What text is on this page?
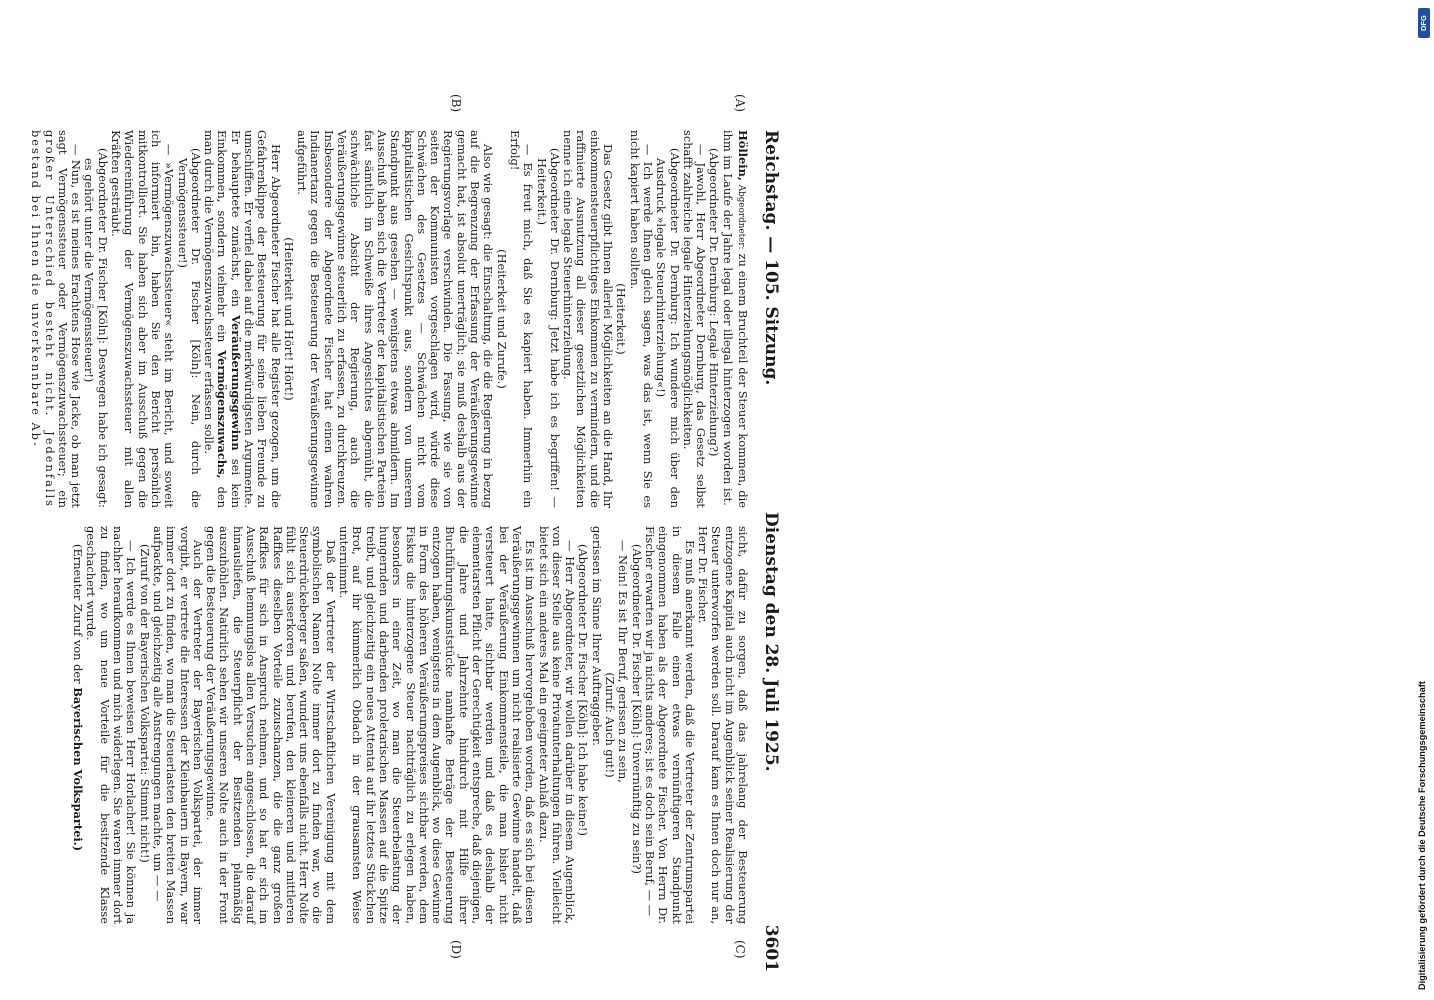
Reichstag. — 105. Sitzung.
Dienstag den 28. Juli 1925.
3601
(A)
(B)
(C)
(D)

Höllein, Abgeordneter: zu einem Bruchteil der Steuer kommen, die ihm im Laufe der Jahre legal oder illegal hinterzogen worden ist.

(Abgeordneter Dr. Dernburg: Legale Hinterziehung?)

— Jawohl, Herr Abgeordneter Dernburg, das Gesetz selbst schafft zahlreiche legale Hinterziehungsmöglichkeiten.

(Abgeordneter Dr. Dernburg: Ich wundere mich über den Ausdruck »legale Steuerhinterziehung«!)

— Ich werde Ihnen gleich sagen, was das ist, wenn Sie es nicht kapiert haben sollten.

(Heiterkeit.)

Das Gesetz gibt Ihnen allerlei Möglichkeiten an die Hand, Ihr einkommensteuerpflichtiges Einkommen zu vermindern, und die raffinierte Ausnutzung all dieser gesetzlichen Möglichkeiten nenne ich eine legale Steuerhinterziehung.

(Abgeordneter Dr. Dernburg: Jetzt habe ich es begriffen! — Heiterkeit.)

— Es freut mich, daß Sie es kapiert haben. Immerhin ein Erfolg!

(Heiterkeit und Zurufe.)

Also wie gesagt: die Einschaltung, die die Regierung in bezug auf die Begrenzung der Erfassung der Veräußerungsgewinne gemacht hat, ist absolut unerträglich; sie muß deshalb aus der Regierungsvorlage verschwinden. Die Fassung, wie sie von seiten der Kommunisten vorgeschlagen wird, würde diese Schwächen des Gesetzes — Schwächen nicht vom kapitalistischen Gesichtspunkt aus, sondern von unserem Standpunkt aus gesehen — wenigstens etwas abmildern. Im Ausschuß haben sich die Vertreter der kapitalistischen Parteien fast sämtlich im Schweiße ihres Angesichtes abgemüht, die schwächliche Absicht der Regierung, auch die Veräußerungsgewinne steuerlich zu erfassen, zu durchkreuzen. Insbesondere der Abgeordnete Fischer hat einen wahren Indianertanz gegen die Besteuerung der Veräußerungsgewinne aufgeführt.

(Heiterkeit und Hört! Hört!)

Herr Abgeordneter Fischer hat alle Register gezogen, um die Gefahrenklippe der Besteuerung für seine lieben Freunde zu umschiffen. Er verfiel dabei auf die merkwürdigsten Argumente. Er behauptete zunächst, ein Veräußerungsgewinn sei kein Einkommen, sondern vielmehr ein Vermögenszuwachs, den man durch die Vermögenszuwachssteuer erfassen solle.

(Abgeordneter Dr. Fischer [Köln]: Nein, durch die Vermögenssteuer!)

— »Vermögenszuwachssteuer« steht im Bericht, und soweit ich informiert bin, haben Sie den Bericht persönlich mitkontrolliert. Sie haben sich aber im Ausschuß gegen die Wiedereinführung der Vermögenszuwachssteuer mit allen Kräften gesträubt.

(Abgeordneter Dr. Fischer [Köln]: Deswegen habe ich gesagt: es gehört unter die Vermögenssteuer!)

— Nun, es ist meines Erachtens Hose wie Jacke, ob man jetzt sagt Vermögenssteuer oder Vermögenszuwachssteuer; ein großer Unterschied besteht nicht. Jedenfalls bestand bei Ihnen die unverkennbare Ab-

sicht, dafür zu sorgen, daß das jahrelang der Besteuerung entzogene Kapital auch nicht im Augenblick seiner Realisierung der Steuer unterworfen werden soll. Darauf kam es Ihnen doch nur an, Herr Dr. Fischer.

Es muß anerkannt werden, daß die Vertreter der Zentrumspartei in diesem Falle einen etwas vernünftigeren Standpunkt eingenommen haben als der Abgeordnete Fischer. Von Herrn Dr. Fischer erwarten wir ja nichts anderes; ist es doch sein Beruf, — —

(Abgeordneter Dr. Fischer [Köln]: Unvernünftig zu sein?)

— Nein! Es ist Ihr Beruf, gerissen zu sein,

(Zuruf: Auch gut!)

gerissen im Sinne Ihrer Auftraggeber.

(Abgeordneter Dr. Fischer [Köln]: Ich habe keine!)

— Herr Abgeordneter, wir wollen darüber in diesem Augenblick, von dieser Stelle aus keine Privatunterhaltungen führen. Vielleicht bietet sich ein anderes Mal ein geeigneter Anlaß dazu.

Es ist im Ausschuß hervorgehoben worden, daß es sich bei diesen Veräußerungsgewinnen um nicht realisierte Gewinne handelt, daß bei der Veräußerung Einkommensteile, die man bisher nicht versteuert hatte, sichtbar werden und daß es deshalb der elementarsten Pflicht der Gerechtigkeit entspreche, daß diejenigen, die Jahre und Jahrzehnte hindurch mit Hilfe ihrer Buchführungskunststücke namhafte Beträge der Besteuerung entzogen haben, wenigstens in dem Augenblick, wo diese Gewinne in Form des höheren Veräußerungspreises sichtbar werden, dem Fiskus die hinterzogene Steuer nachträglich zu erlegen haben, besonders in einer Zeit, wo man die Steuerbelastung der hungernden und darbenden proletarischen Massen auf die Spitze treibt, und gleichzeitig ein neues Attentat auf ihr letztes Stückchen Brot, auf ihr kümmerlich Obdach in der grausamsten Weise unternimmt.

Daß der Vertreter der Wirtschaftlichen Vereinigung mit dem symbolischen Namen Nolte immer dort zu finden war, wo die Steuerdrückeberger saßen, wundert uns ebenfalls nicht. Herr Nolte fühlt sich auserkoren und berufen, den kleineren und mittleren Raffkes dieselben Vorteile zuzuschanzen, die die ganz großen Raffkes für sich in Anspruch nehmen, und so hat er sich im Ausschuß hemmungslos allen Versuchen angeschlossen, die darauf hinausliefen, die Steuerpflicht der Besitzenden planmäßig auszuhöhlen. Natürlich sehen wir unseren Nolte auch in der Front gegen die Besteuerung der Veräußerungsgewinne.

Auch der Vertreter der Bayerischen Volkspartei, der immer vorgibt, er vertrete die Interessen der Kleinbauern in Bayern, war immer dort zu finden, wo man die Steuerlasten den breiten Massen aufpackte, und gleichzeitig alle Anstrengungen machte, um — —

(Zuruf von der Bayerischen Volkspartei: Stimmt nicht!)

— Ich werde es Ihnen beweisen Herr Horlacher! Sie können ja nachher heraufkommen und mich widerlegen. Sie waren immer dort zu finden, wo um neue Vorteile für die besitzende Klasse geschachert wurde.

(Erneuter Zuruf von der Bayerischen Volkspartei.)	Digitalisierung gefördert durch die Deutsche Forschungsgemeinschaft
DFG
